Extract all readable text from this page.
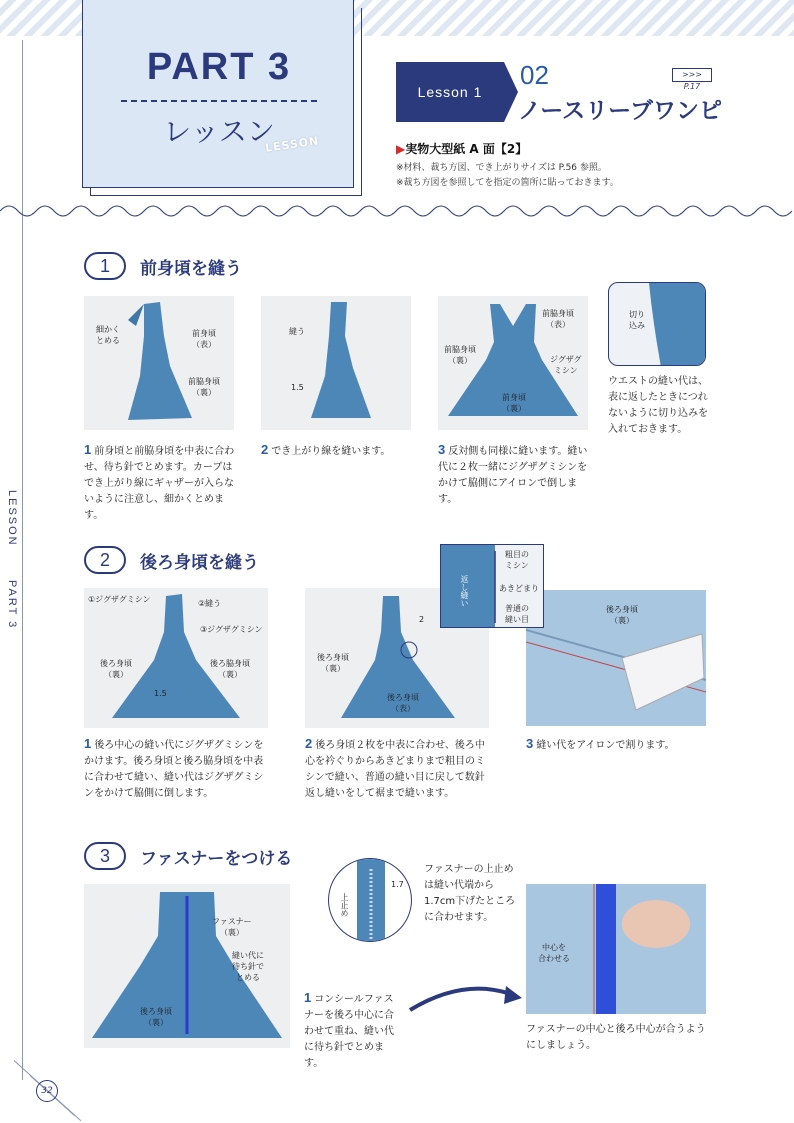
PART 3
レッスン
LESSON
Lesson 1
02
ノースリーブワンピ
>>> P.17
▶実物大型紙 A 面【2】
※材料、裁ち方図、でき上がりサイズは P.56 参照。
※裁ち方図を参照してを指定の箇所に貼っておきます。
LESSON
PART 3
1	前身頃を縫う
細かく
とめる
前身頃
（表）
前脇身頃
（裏）
縫う
1.5
前脇身頃
（表）
前脇身頃
（裏）	ジグザグ
ミシン
前身頃
（裏）
切り
込み
ウエストの縫い代は、表に返したときにつれないように切り込みを入れておきます。
1 前身頃と前脇身頃を中表に合わせ、待ち針でとめます。カーブはでき上がり線にギャザーが入らないように注意し、細かくとめます。
2 でき上がり線を縫います。	3 反対側も同様に縫います。縫い代に２枚一緒にジグザグミシンをかけて脇側にアイロンで倒します。
2	後ろ身頃を縫う
①ジグザグミシン	②縫う
③ジグザグミシン
後ろ身頃
（裏）
後ろ脇身頃
（裏）
1.5
2
後ろ身頃
（裏）
後ろ身頃
（表）
後ろ身頃
（裏）
粗目の
ミシン
あきどまり
普通の
縫い目
返し縫い
1 後ろ中心の縫い代にジグザグミシンをかけます。後ろ身頃と後ろ脇身頃を中表に合わせて縫い、縫い代はジグザグミシンをかけて脇側に倒します。
2 後ろ身頃２枚を中表に合わせ、後ろ中心を衿ぐりからあきどまりまで粗目のミシンで縫い、普通の縫い目に戻して数針返し縫いをして裾まで縫います。
3 縫い代をアイロンで割ります。
3	ファスナーをつける
ファスナー
（裏）
縫い代に
待ち針で
とめる
後ろ身頃
（裏）
1.7
上止め
ファスナーの上止めは縫い代端から1.7cm下げたところに合わせます。
中心を
合わせる
1 コンシールファスナーを後ろ中心に合わせて重ね、縫い代に待ち針でとめます。
ファスナーの中心と後ろ中心が合うようにしましょう。
32
